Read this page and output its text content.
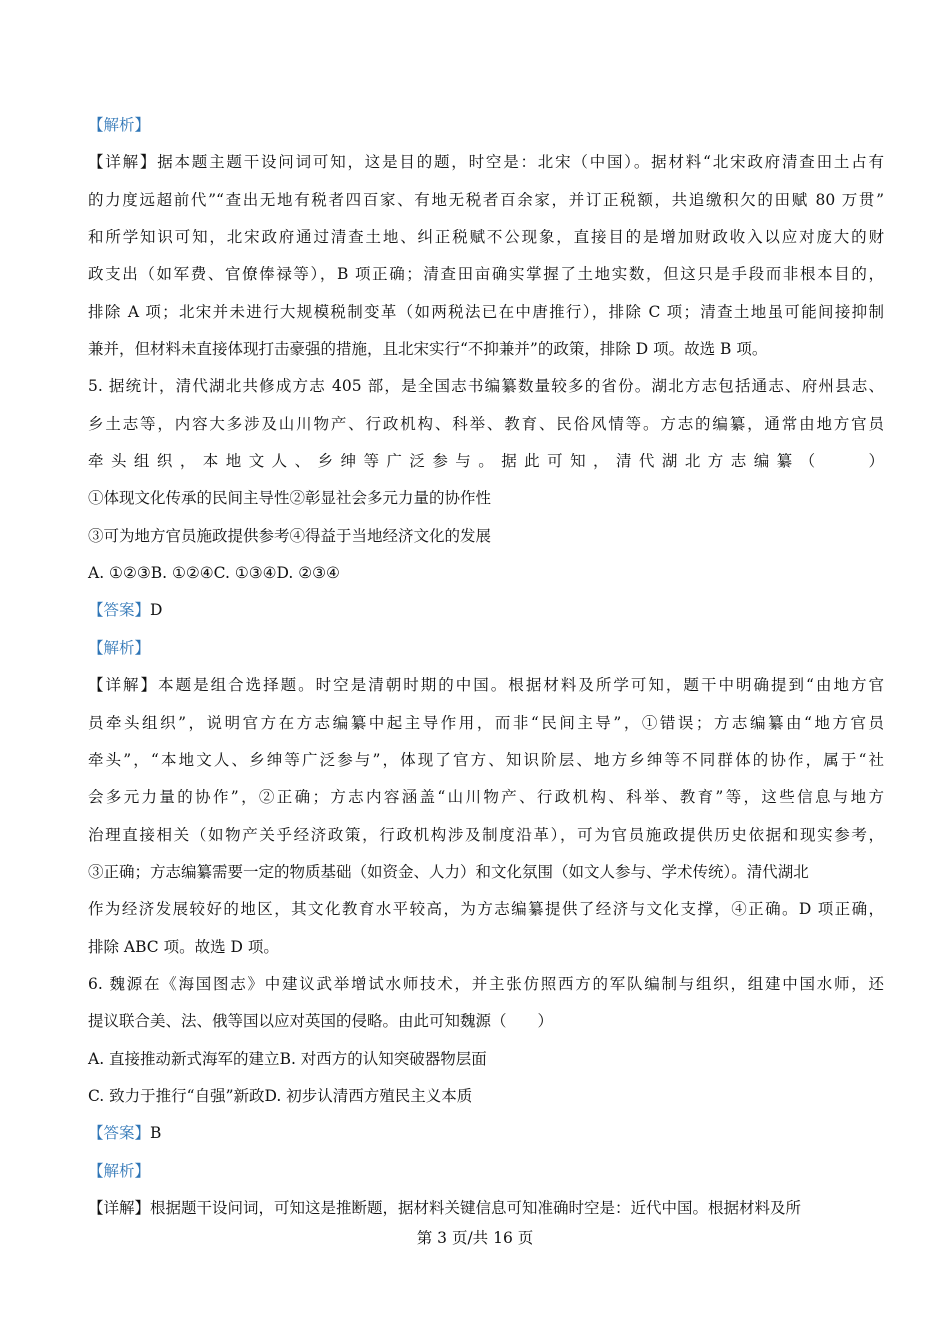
【解析】
【详解】据本题主题干设问词可知，这是目的题，时空是：北宋（中国）。据材料“北宋政府清查田土占有
的力度远超前代”“查出无地有税者四百家、有地无税者百余家，并订正税额，共追缴积欠的田赋 80 万贯”
和所学知识可知，北宋政府通过清查土地、纠正税赋不公现象，直接目的是增加财政收入以应对庞大的财
政支出（如军费、官僚俸禄等），B 项正确；清查田亩确实掌握了土地实数，但这只是手段而非根本目的，
排除 A 项；北宋并未进行大规模税制变革（如两税法已在中唐推行），排除 C 项；清查土地虽可能间接抑制
兼并，但材料未直接体现打击豪强的措施，且北宋实行“不抑兼并”的政策，排除 D 项。故选 B 项。
5. 据统计，清代湖北共修成方志 405 部，是全国志书编纂数量较多的省份。湖北方志包括通志、府州县志、
乡土志等，内容大多涉及山川物产、行政机构、科举、教育、民俗风情等。方志的编纂，通常由地方官员
牵头组织，本地文人、乡绅等广泛参与。据此可知，清代湖北方志编纂（　　）
①体现文化传承的民间主导性②彰显社会多元力量的协作性
③可为地方官员施政提供参考④得益于当地经济文化的发展
A. ①②③ B. ①②④ C. ①③④ D. ②③④
【答案】D
【解析】
【详解】本题是组合选择题。时空是清朝时期的中国。根据材料及所学可知，题干中明确提到“由地方官
员牵头组织”，说明官方在方志编纂中起主导作用，而非“民间主导”，①错误；方志编纂由“地方官员
牵头”，“本地文人、乡绅等广泛参与”，体现了官方、知识阶层、地方乡绅等不同群体的协作，属于“社
会多元力量的协作”，②正确；方志内容涵盖“山川物产、行政机构、科举、教育”等，这些信息与地方
治理直接相关（如物产关乎经济政策，行政机构涉及制度沿革），可为官员施政提供历史依据和现实参考，
③正确；方志编纂需要一定的物质基础（如资金、人力）和文化氛围（如文人参与、学术传统）。清代湖北
作为经济发展较好的地区，其文化教育水平较高，为方志编纂提供了经济与文化支撑，④正确。D 项正确，
排除 ABC 项。故选 D 项。
6. 魏源在《海国图志》中建议武举增试水师技术，并主张仿照西方的军队编制与组织，组建中国水师，还
提议联合美、法、俄等国以应对英国的侵略。由此可知魏源（　　）
A. 直接推动新式海军的建立 B. 对西方的认知突破器物层面
C. 致力于推行“自强”新政 D. 初步认清西方殖民主义本质
【答案】B
【解析】
【详解】根据题干设问词，可知这是推断题，据材料关键信息可知准确时空是：近代中国。根据材料及所
第 3 页/共 16 页
